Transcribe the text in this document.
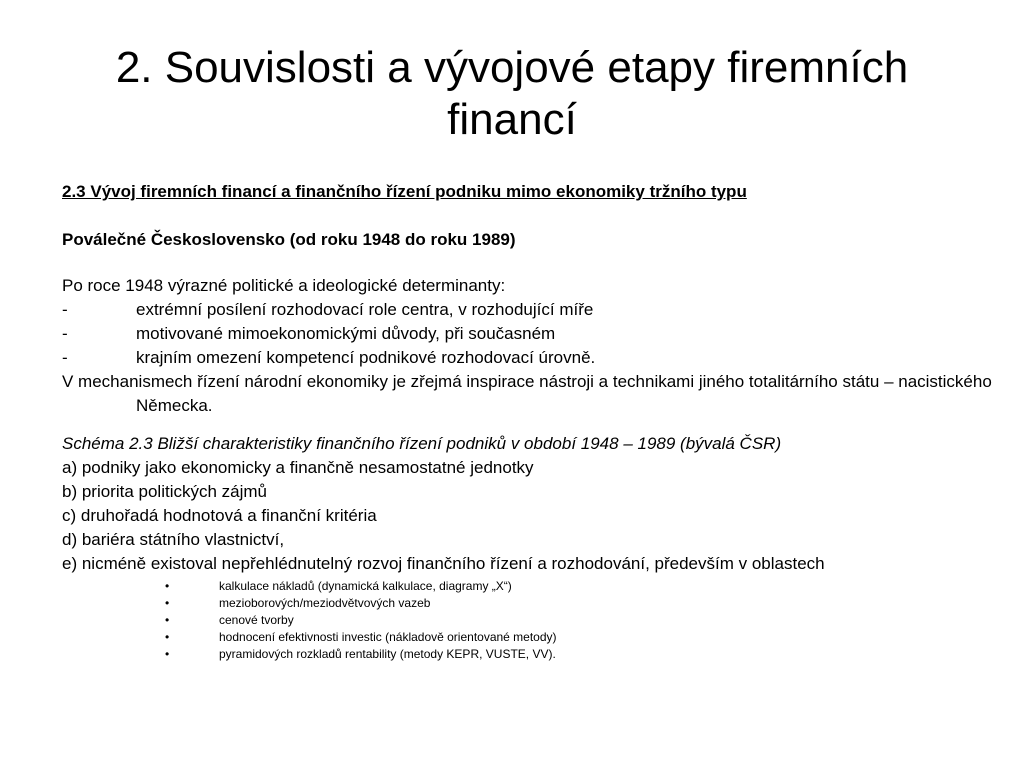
2. Souvislosti a vývojové etapy firemních financí
2.3 Vývoj firemních financí a finančního řízení podniku mimo ekonomiky tržního typu
Poválečné Československo (od roku 1948 do roku 1989)
Po roce 1948 výrazné politické a ideologické determinanty:
-	extrémní posílení rozhodovací role centra, v rozhodující míře
-	motivované mimoekonomickými důvody, při současném
-	krajním omezení kompetencí podnikové rozhodovací úrovně.
V mechanismech řízení národní ekonomiky je zřejmá inspirace nástroji a technikami jiného totalitárního státu – nacistického Německa.
Schéma 2.3 Bližší charakteristiky finančního řízení podniků v období 1948 – 1989 (bývalá ČSR)
a) podniky jako ekonomicky a finančně nesamostatné jednotky
b) priorita politických zájmů
c) druhořadá hodnotová a finanční kritéria
d) bariéra státního vlastnictví,
e) nicméně existoval nepřehlédnutelný rozvoj finančního řízení a rozhodování, především v oblastech
•	kalkulace nákladů (dynamická kalkulace, diagramy „X“)
•	mezioborových/meziodvětvových vazeb
•	cenové tvorby
•	hodnocení efektivnosti investic (nákladově orientované metody)
•	pyramidových rozkladů rentability (metody KEPR, VUSTE, VV).
